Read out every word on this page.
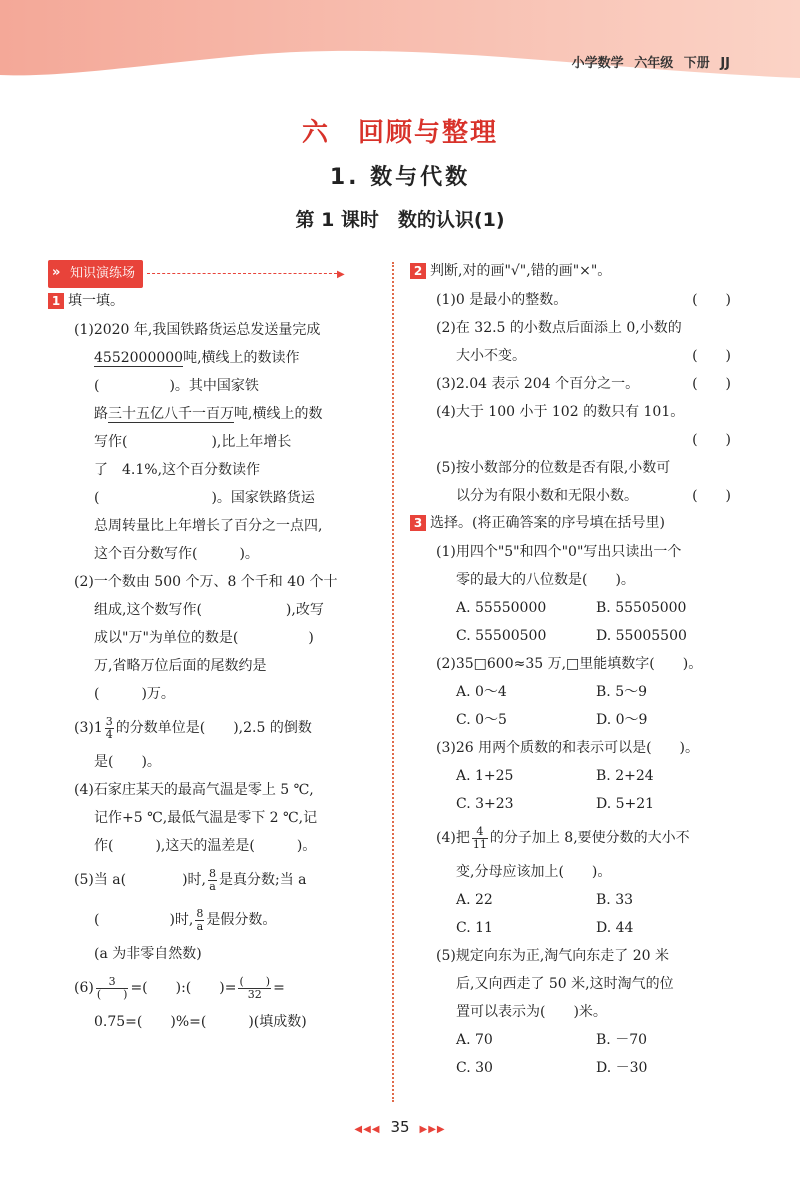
小学数学 六年级 下册 JJ
六　回顾与整理
1. 数与代数
第 1 课时　数的认识(1)
» 知识演练场	▶
1 填一填。
(1)2020 年,我国铁路货运总发送量完成
4552000000吨,横线上的数读作
(　　　　　)。其中国家铁
路三十五亿八千一百万吨,横线上的数
写作(　　　　　　),比上年增长
了　4.1%,这个百分数读作
(　　　　　　　　)。国家铁路货运
总周转量比上年增长了百分之一点四,
这个百分数写作(　　　)。
(2)一个数由 500 个万、8 个千和 40 个十
组成,这个数写作(　　　　　　),改写
成以"万"为单位的数是(　　　　　)
万,省略万位后面的尾数约是
(　　　)万。
$(3)1 \frac{3}{4}$ 的分数单位是(　　),2.5 的倒数
是(　　)。
(4)石家庄某天的最高气温是零上 5 ℃,
记作+5 ℃,最低气温是零下 2 ℃,记
作(　　　),这天的温差是(　　　)。
(5)当 a(　　　　)时, $\frac{8}{a}$ 是真分数;当 a
(　　　　　)时, $\frac{8}{a}$ 是假分数。
(a 为非零自然数)
$(6) \frac{3}{( )}$ =(　　):(　　)= $\frac{( )}{32}$ =
0.75=(　　)%=(　　　)(填成数)
2 判断,对的画"√",错的画"×"。
(1)0 是最小的整数。	(　　)
(2)在 32.5 的小数点后面添上 0,小数的
大小不变。	(　　)
(3)2.04 表示 204 个百分之一。	(　　)
(4)大于 100 小于 102 的数只有 101。
(　　)
(5)按小数部分的位数是否有限,小数可
以分为有限小数和无限小数。	(　　)
3 选择。(将正确答案的序号填在括号里)
(1)用四个"5"和四个"0"写出只读出一个
零的最大的八位数是(　　)。
A. 55550000	B. 55505000
C. 55500500	D. 55005500
(2)35□600≈35 万,□里能填数字(　　)。
A. 0～4	B. 5～9
C. 0～5	D. 0～9
(3)26 用两个质数的和表示可以是(　　)。
A. 1+25	B. 2+24
C. 3+23	D. 5+21
(4)把 $\frac{4}{11}$ 的分子加上 8,要使分数的大小不
变,分母应该加上(　　)。
A. 22	B. 33
C. 11	D. 44
(5)规定向东为正,淘气向东走了 20 米
后,又向西走了 50 米,这时淘气的位
置可以表示为(　　)米。
A. 70	B. －70
C. 30	D. －30
◀◀◀ 35 ▶▶▶
